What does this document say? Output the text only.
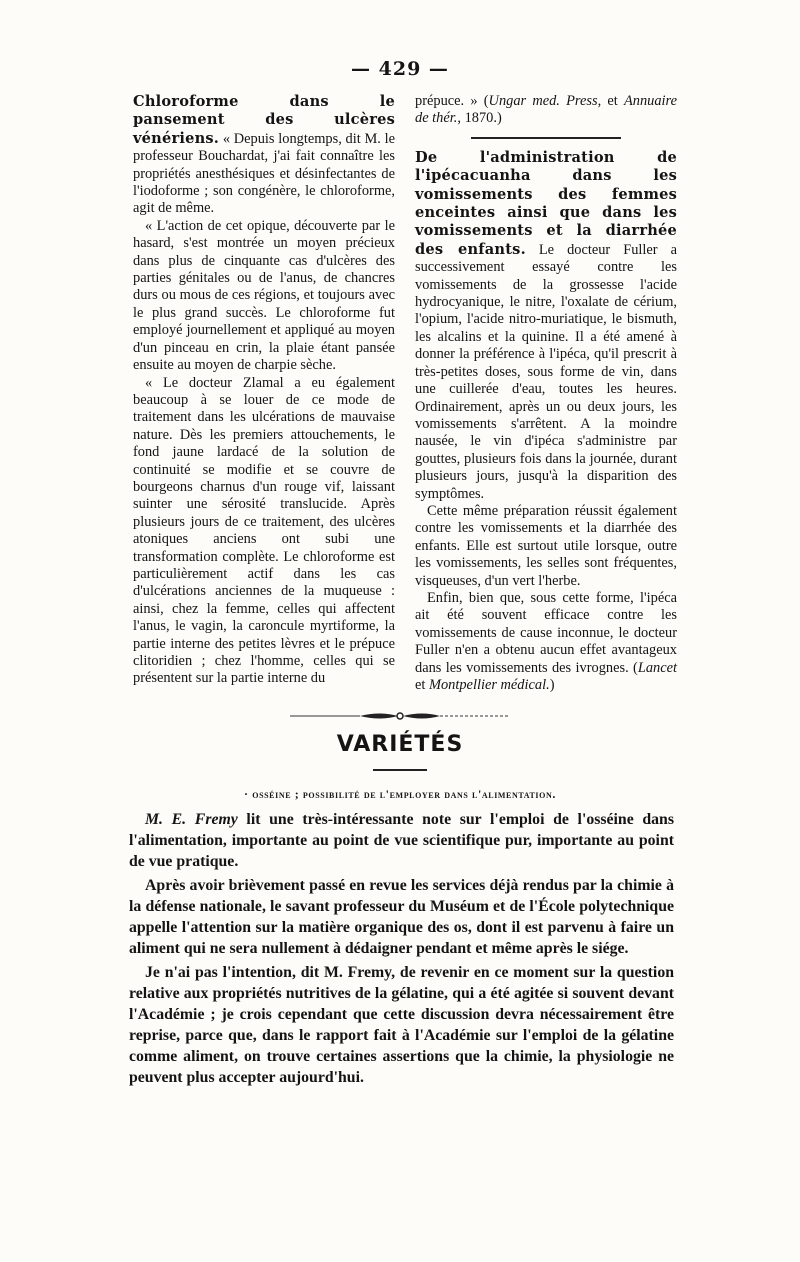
— 429 —

Chloroforme dans le pansement des ulcères vénériens. « Depuis longtemps, dit M. le professeur Bouchardat, j'ai fait connaître les propriétés anesthésiques et désinfectantes de l'iodoforme ; son congénère, le chloroforme, agit de même.

« L'action de cet opique, découverte par le hasard, s'est montrée un moyen précieux dans plus de cinquante cas d'ulcères des parties génitales ou de l'anus, de chancres durs ou mous de ces régions, et toujours avec le plus grand succès. Le chloroforme fut employé journellement et appliqué au moyen d'un pinceau en crin, la plaie étant pansée ensuite au moyen de charpie sèche.

« Le docteur Zlamal a eu également beaucoup à se louer de ce mode de traitement dans les ulcérations de mauvaise nature. Dès les premiers attouchements, le fond jaune lardacé de la solution de continuité se modifie et se couvre de bourgeons charnus d'un rouge vif, laissant suinter une sérosité translucide. Après plusieurs jours de ce traitement, des ulcères atoniques anciens ont subi une transformation complète. Le chloroforme est particulièrement actif dans les cas d'ulcérations anciennes de la muqueuse : ainsi, chez la femme, celles qui affectent l'anus, le vagin, la caroncule myrtiforme, la partie interne des petites lèvres et le prépuce clitoridien ; chez l'homme, celles qui se présentent sur la partie interne du

prépuce. » (Ungar med. Press, et Annuaire de thér., 1870.)

De l'administration de l'ipécacuanha dans les vomissements des femmes enceintes ainsi que dans les vomissements et la diarrhée des enfants. Le docteur Fuller a successivement essayé contre les vomissements de la grossesse l'acide hydrocyanique, le nitre, l'oxalate de cérium, l'opium, l'acide nitro-muriatique, le bismuth, les alcalins et la quinine. Il a été amené à donner la préférence à l'ipéca, qu'il prescrit à très-petites doses, sous forme de vin, dans une cuillerée d'eau, toutes les heures. Ordinairement, après un ou deux jours, les vomissements s'arrêtent. A la moindre nausée, le vin d'ipéca s'administre par gouttes, plusieurs fois dans la journée, durant plusieurs jours, jusqu'à la disparition des symptômes.

Cette même préparation réussit également contre les vomissements et la diarrhée des enfants. Elle est surtout utile lorsque, outre les vomissements, les selles sont fréquentes, visqueuses, d'un vert l'herbe.

Enfin, bien que, sous cette forme, l'ipéca ait été souvent efficace contre les vomissements de cause inconnue, le docteur Fuller n'en a obtenu aucun effet avantageux dans les vomissements des ivrognes. (Lancet et Montpellier médical.)

VARIÉTÉS
· osséine ; possibilité de l'employer dans l'alimentation.

M. E. Fremy lit une très-intéressante note sur l'emploi de l'osséine dans l'alimentation, importante au point de vue scientifique pur, importante au point de vue pratique.

Après avoir brièvement passé en revue les services déjà rendus par la chimie à la défense nationale, le savant professeur du Muséum et de l'École polytechnique appelle l'attention sur la matière organique des os, dont il est parvenu à faire un aliment qui ne sera nullement à dédaigner pendant et même après le siége.

Je n'ai pas l'intention, dit M. Fremy, de revenir en ce moment sur la question relative aux propriétés nutritives de la gélatine, qui a été agitée si souvent devant l'Académie ; je crois cependant que cette discussion devra nécessairement être reprise, parce que, dans le rapport fait à l'Académie sur l'emploi de la gélatine comme aliment, on trouve certaines assertions que la chimie, la physiologie ne peuvent plus accepter aujourd'hui.
